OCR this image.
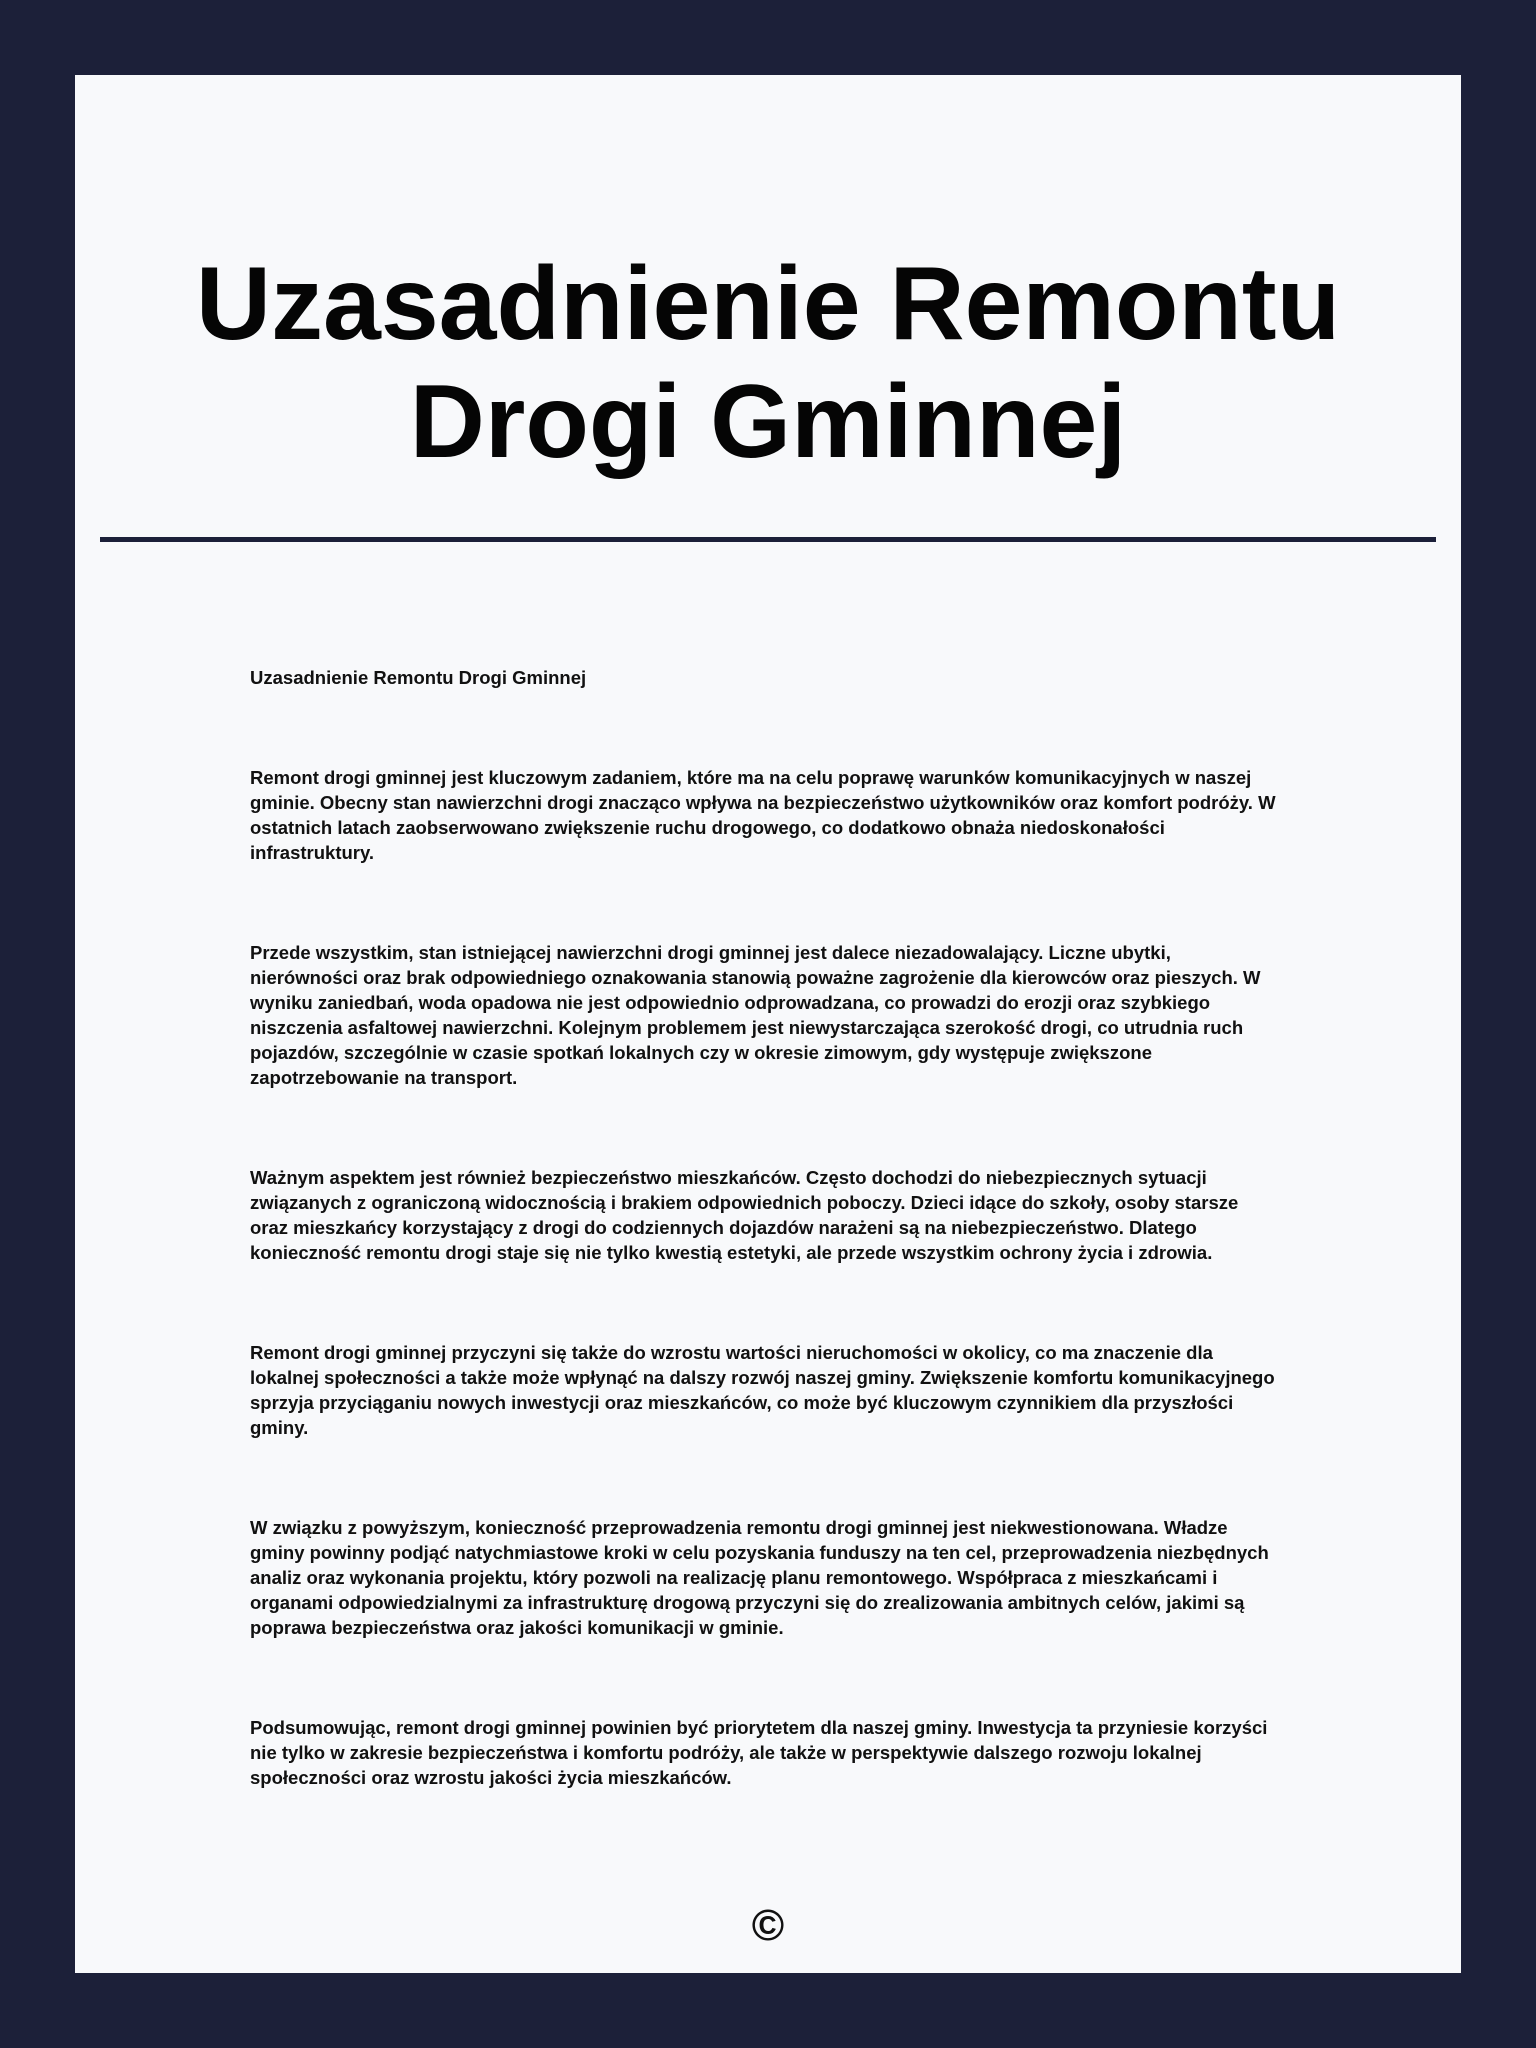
Uzasadnienie Remontu Drogi Gminnej

Uzasadnienie Remontu Drogi Gminnej

Remont drogi gminnej jest kluczowym zadaniem, które ma na celu poprawę warunków komunikacyjnych w naszej gminie. Obecny stan nawierzchni drogi znacząco wpływa na bezpieczeństwo użytkowników oraz komfort podróży. W ostatnich latach zaobserwowano zwiększenie ruchu drogowego, co dodatkowo obnaża niedoskonałości infrastruktury.

Przede wszystkim, stan istniejącej nawierzchni drogi gminnej jest dalece niezadowalający. Liczne ubytki, nierówności oraz brak odpowiedniego oznakowania stanowią poważne zagrożenie dla kierowców oraz pieszych. W wyniku zaniedbań, woda opadowa nie jest odpowiednio odprowadzana, co prowadzi do erozji oraz szybkiego niszczenia asfaltowej nawierzchni. Kolejnym problemem jest niewystarczająca szerokość drogi, co utrudnia ruch pojazdów, szczególnie w czasie spotkań lokalnych czy w okresie zimowym, gdy występuje zwiększone zapotrzebowanie na transport.

Ważnym aspektem jest również bezpieczeństwo mieszkańców. Często dochodzi do niebezpiecznych sytuacji związanych z ograniczoną widocznością i brakiem odpowiednich poboczy. Dzieci idące do szkoły, osoby starsze oraz mieszkańcy korzystający z drogi do codziennych dojazdów narażeni są na niebezpieczeństwo. Dlatego konieczność remontu drogi staje się nie tylko kwestią estetyki, ale przede wszystkim ochrony życia i zdrowia.

Remont drogi gminnej przyczyni się także do wzrostu wartości nieruchomości w okolicy, co ma znaczenie dla lokalnej społeczności a także może wpłynąć na dalszy rozwój naszej gminy. Zwiększenie komfortu komunikacyjnego sprzyja przyciąganiu nowych inwestycji oraz mieszkańców, co może być kluczowym czynnikiem dla przyszłości gminy.

W związku z powyższym, konieczność przeprowadzenia remontu drogi gminnej jest niekwestionowana. Władze gminy powinny podjąć natychmiastowe kroki w celu pozyskania funduszy na ten cel, przeprowadzenia niezbędnych analiz oraz wykonania projektu, który pozwoli na realizację planu remontowego. Współpraca z mieszkańcami i organami odpowiedzialnymi za infrastrukturę drogową przyczyni się do zrealizowania ambitnych celów, jakimi są poprawa bezpieczeństwa oraz jakości komunikacji w gminie.

Podsumowując, remont drogi gminnej powinien być priorytetem dla naszej gminy. Inwestycja ta przyniesie korzyści nie tylko w zakresie bezpieczeństwa i komfortu podróży, ale także w perspektywie dalszego rozwoju lokalnej społeczności oraz wzrostu jakości życia mieszkańców.

©
